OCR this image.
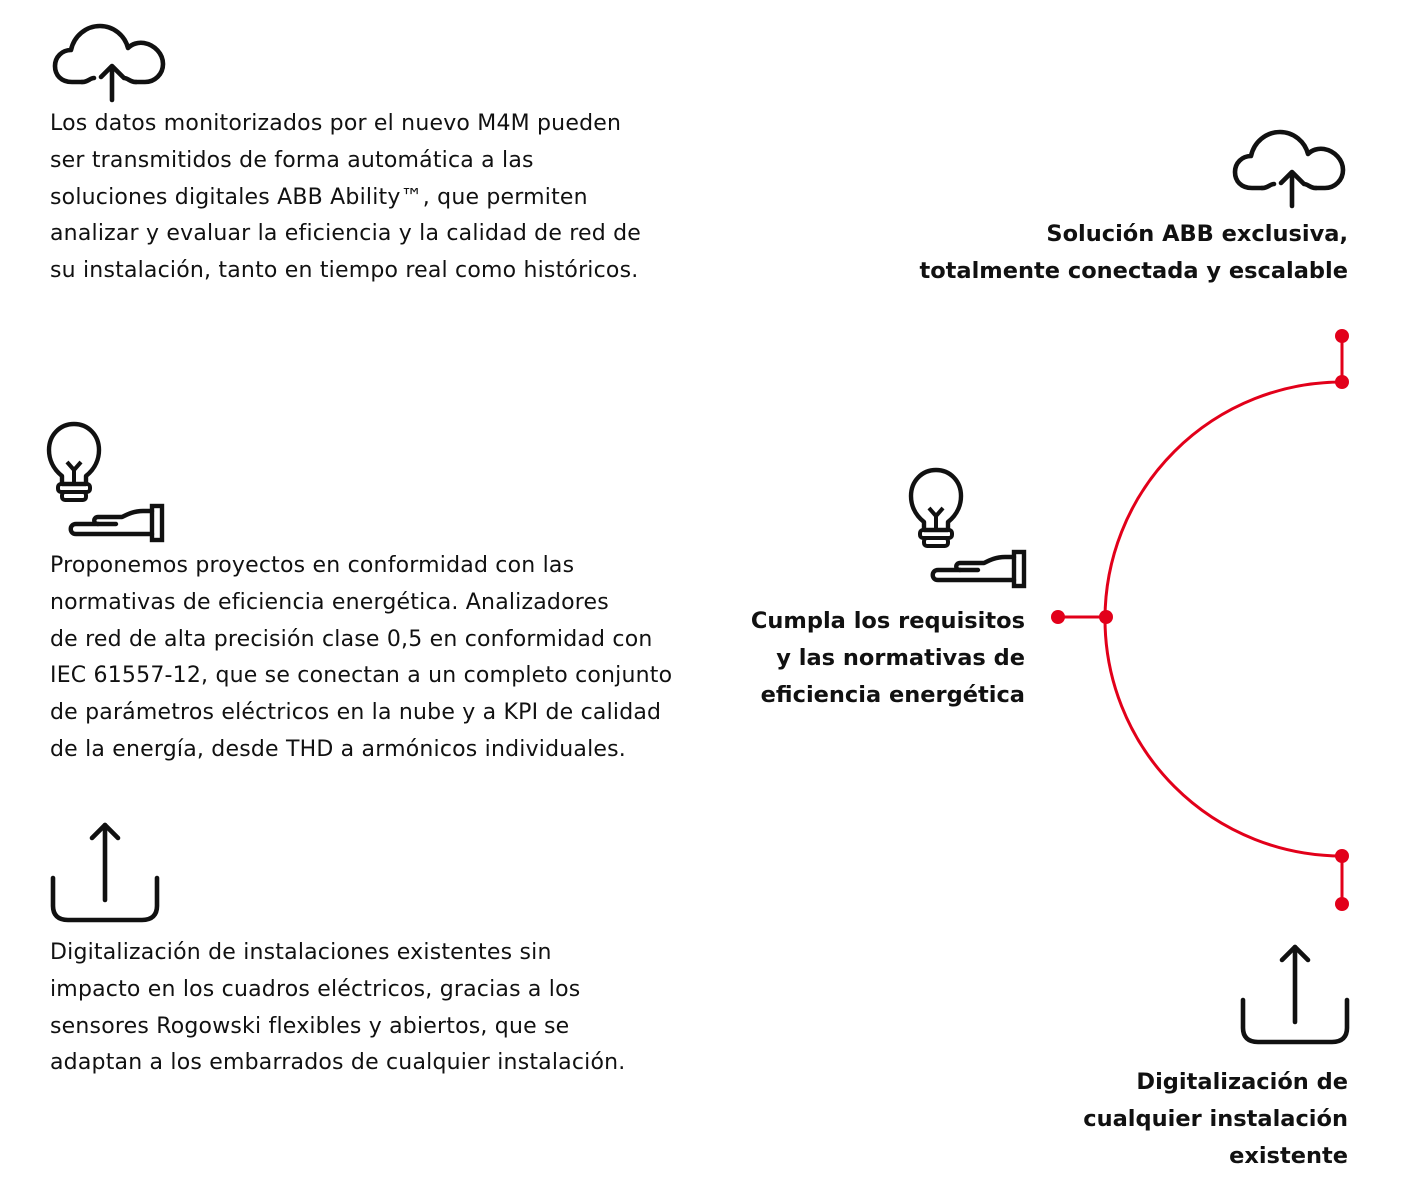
Los datos monitorizados por el nuevo M4M pueden
ser transmitidos de forma automática a las
soluciones digitales ABB Ability™, que permiten
analizar y evaluar la eficiencia y la calidad de red de
su instalación, tanto en tiempo real como históricos.

Proponemos proyectos en conformidad con las
normativas de eficiencia energética. Analizadores
de red de alta precisión clase 0,5 en conformidad con
IEC 61557-12, que se conectan a un completo conjunto
de parámetros eléctricos en la nube y a KPI de calidad
de la energía, desde THD a armónicos individuales.

Digitalización de instalaciones existentes sin
impacto en los cuadros eléctricos, gracias a los
sensores Rogowski flexibles y abiertos, que se
adaptan a los embarrados de cualquier instalación.

Solución ABB exclusiva,
totalmente conectada y escalable

Cumpla los requisitos
y las normativas de
eficiencia energética

Digitalización de
cualquier instalación
existente
